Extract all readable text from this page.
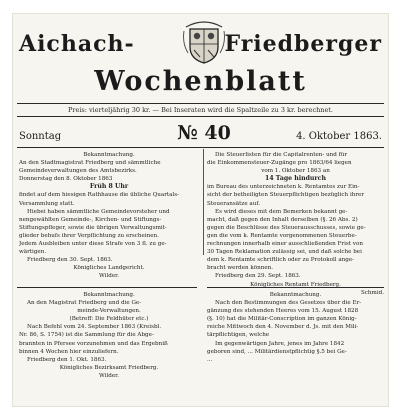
Aichach-	Friedberger
Wochenblatt
Preis: vierteljährig 30 kr. — Bei Inseraten wird die Spaltzeile zu 3 kr. berechnet.
Sonntag	№ 40	4. Oktober 1863.

Bekanntmachung.

An den Stadtmagistrat Friedberg und sämmtliche

Gemeindeverwaltungen des Amtsbezirks.

Donnerstag den 8. Oktober 1863

Früh 8 Uhr

findet auf dem hiesigen Rathhause die übliche Quartals-

Versammlung statt.

Hiebei haben sämmtliche Gemeindevorsteher und

nengewählten Gemeinde-, Kirchen- und Stiftungs-

Stiftungspfleger, sowie die übrigen Verwaltungsmit-

glieder behufs ihrer Verpflichtung zu erscheinen.

Jedem Ausbleiben unter diese Strafe von 3 fl. zu ge-

wärtigen.

Friedberg den 30. Sept. 1863.

Königliches Landgericht.

Wilder.

Die Steuerlisten für die Capitalrenten- und für

die Einkommensteuer-Zugänge pro 1863/64 liegen

vom 1. Oktober 1863 an

14 Tage hindurch

im Bureau des unterzeichneten k. Rentamtes zur Ein-

sicht der betheiligten Steuerpflichtigen bezüglich ihrer

Steueransätze auf.

Es wird dieses mit dem Bemerken bekannt ge-

macht, daß gegen den Inhalt derselben (§. 26 Abs. 2)

gegen die Beschlüsse des Steuerausschusses, sowie ge-

gen die vom k. Rentamte vorgenommenen Steuerbe-

rechnungen innerhalb einer ausschließenden Frist von

30 Tagen Reklamation zulässig sei, und daß solche bei

dem k. Rentamte schriftlich oder zu Protokoll ange-

bracht werden können.

Friedberg den 29. Sept. 1863.

Königliches Rentamt Friedberg.

Schmid.

Bekanntmachung.

An den Magistrat Friedberg und die Ge-

meinde-Verwaltungen.

(Betreff: Die Feldhüter etc.)

Nach Befehl vom 24. September 1863 (Kreisbl.

Nr. 86, S. 1754) ist die Sammlung für die Abge-

brannten in Pfersee vorzunehmen und das Ergebniß

binnen 4 Wochen hier einzuliefern.

Friedberg den 1. Okt. 1863.

Königliches Bezirksamt Friedberg.

Wilder.

Bekanntmachung.

Nach den Bestimmungen des Gesetzes über die Er-

gänzung des stehenden Heeres vom 15. August 1828

(§. 10) hat die Militär-Conscription im ganzen König-

reiche Mittwoch den 4. November d. Js. mit den Mili-

tärpflichtigen, welche

Im gegenwärtigen Jahre, jenes im Jahre 1842

geboren sind, ... Militärdienstpflichtig §.5 bei Ge-

...
